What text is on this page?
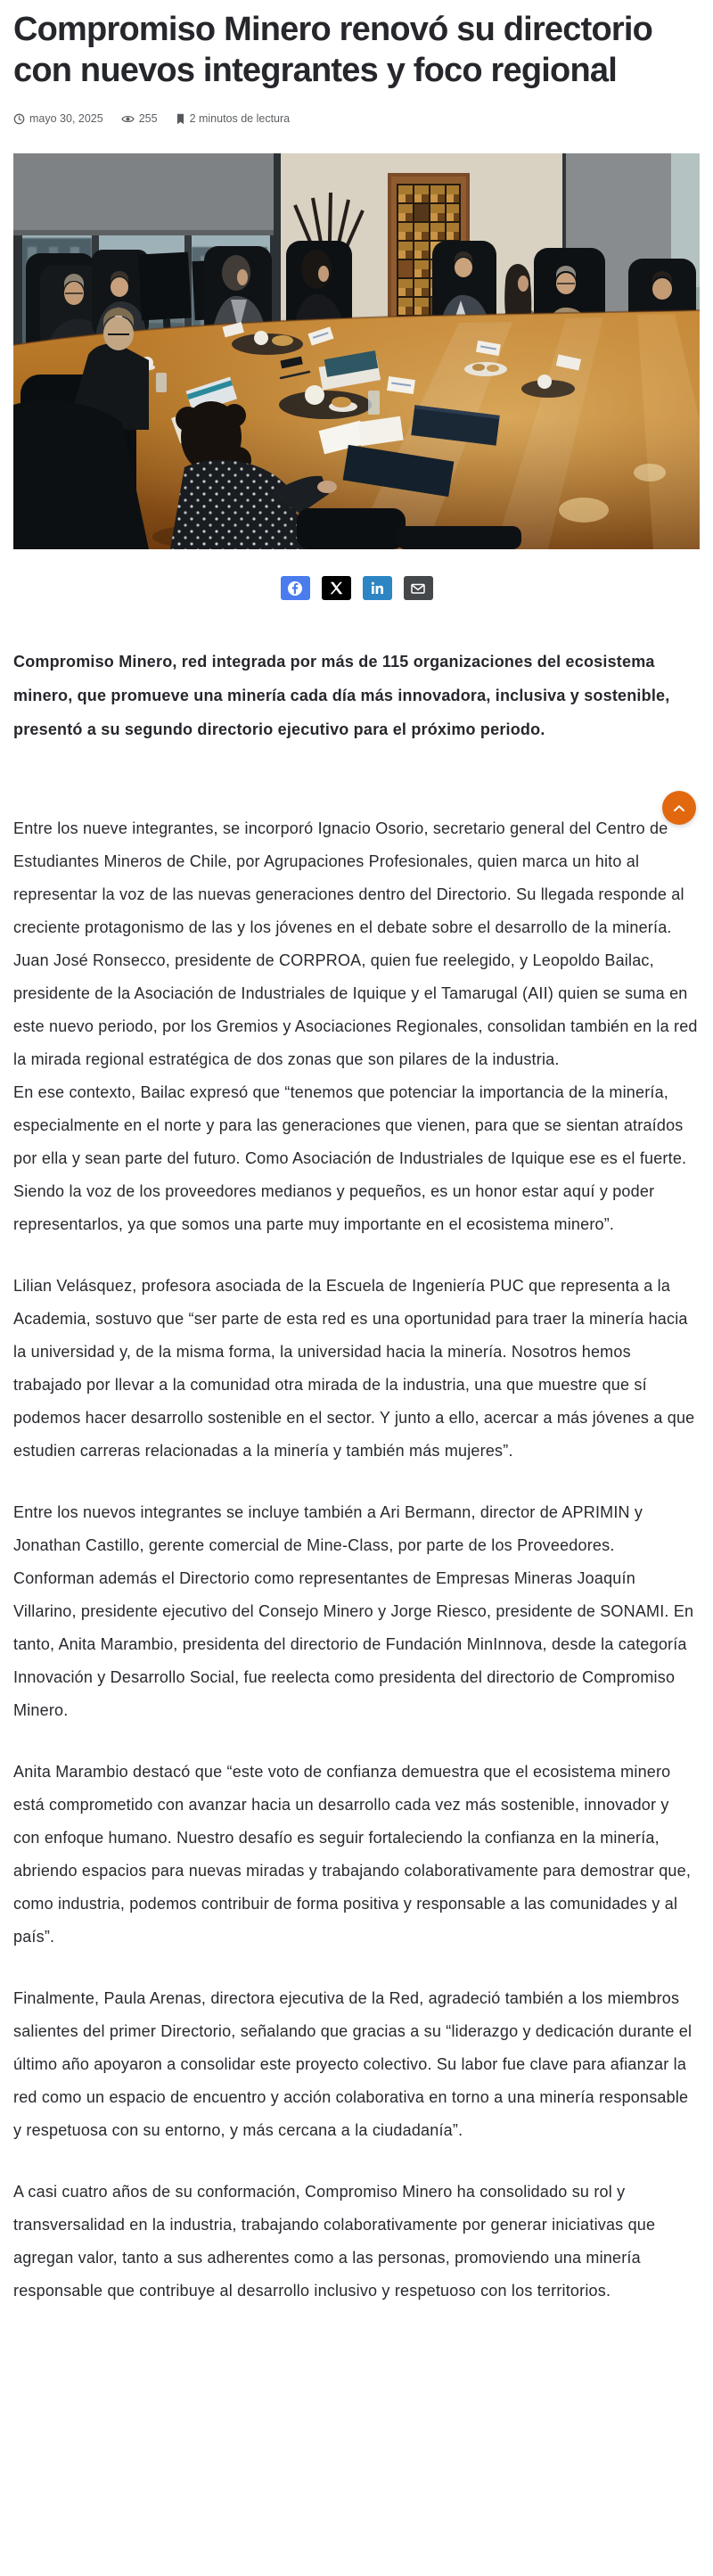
Compromiso Minero renovó su directorio con nuevos integrantes y foco regional
mayo 30, 2025	255	2 minutos de lectura

Compromiso Minero, red integrada por más de 115 organizaciones del ecosistema minero, que promueve una minería cada día más innovadora, inclusiva y sostenible, presentó a su segundo directorio ejecutivo para el próximo periodo.

Entre los nueve integrantes, se incorporó Ignacio Osorio, secretario general del Centro de Estudiantes Mineros de Chile, por Agrupaciones Profesionales, quien marca un hito al representar la voz de las nuevas generaciones dentro del Directorio. Su llegada responde al creciente protagonismo de las y los jóvenes en el debate sobre el desarrollo de la minería.

Juan José Ronsecco, presidente de CORPROA, quien fue reelegido, y Leopoldo Bailac, presidente de la Asociación de Industriales de Iquique y el Tamarugal (AII) quien se suma en este nuevo periodo, por los Gremios y Asociaciones Regionales, consolidan también en la red la mirada regional estratégica de dos zonas que son pilares de la industria.

En ese contexto, Bailac expresó que “tenemos que potenciar la importancia de la minería, especialmente en el norte y para las generaciones que vienen, para que se sientan atraídos por ella y sean parte del futuro. Como Asociación de Industriales de Iquique ese es el fuerte. Siendo la voz de los proveedores medianos y pequeños, es un honor estar aquí y poder representarlos, ya que somos una parte muy importante en el ecosistema minero”.

Lilian Velásquez, profesora asociada de la Escuela de Ingeniería PUC que representa a la Academia, sostuvo que “ser parte de esta red es una oportunidad para traer la minería hacia la universidad y, de la misma forma, la universidad hacia la minería. Nosotros hemos trabajado por llevar a la comunidad otra mirada de la industria, una que muestre que sí podemos hacer desarrollo sostenible en el sector. Y junto a ello, acercar a más jóvenes a que estudien carreras relacionadas a la minería y también más mujeres”.

Entre los nuevos integrantes se incluye también a Ari Bermann, director de APRIMIN y Jonathan Castillo, gerente comercial de Mine-Class, por parte de los Proveedores. Conforman además el Directorio como representantes de Empresas Mineras Joaquín Villarino, presidente ejecutivo del Consejo Minero y Jorge Riesco, presidente de SONAMI. En tanto, Anita Marambio, presidenta del directorio de Fundación MinInnova, desde la categoría Innovación y Desarrollo Social, fue reelecta como presidenta del directorio de Compromiso Minero.

Anita Marambio destacó que “este voto de confianza demuestra que el ecosistema minero está comprometido con avanzar hacia un desarrollo cada vez más sostenible, innovador y con enfoque humano. Nuestro desafío es seguir fortaleciendo la confianza en la minería, abriendo espacios para nuevas miradas y trabajando colaborativamente para demostrar que, como industria, podemos contribuir de forma positiva y responsable a las comunidades y al país”.

Finalmente, Paula Arenas, directora ejecutiva de la Red, agradeció también a los miembros salientes del primer Directorio, señalando que gracias a su “liderazgo y dedicación durante el último año apoyaron a consolidar este proyecto colectivo. Su labor fue clave para afianzar la red como un espacio de encuentro y acción colaborativa en torno a una minería responsable y respetuosa con su entorno, y más cercana a la ciudadanía”.

A casi cuatro años de su conformación, Compromiso Minero ha consolidado su rol y transversalidad en la industria, trabajando colaborativamente por generar iniciativas que agregan valor, tanto a sus adherentes como a las personas, promoviendo una minería responsable que contribuye al desarrollo inclusivo y respetuoso con los territorios.
